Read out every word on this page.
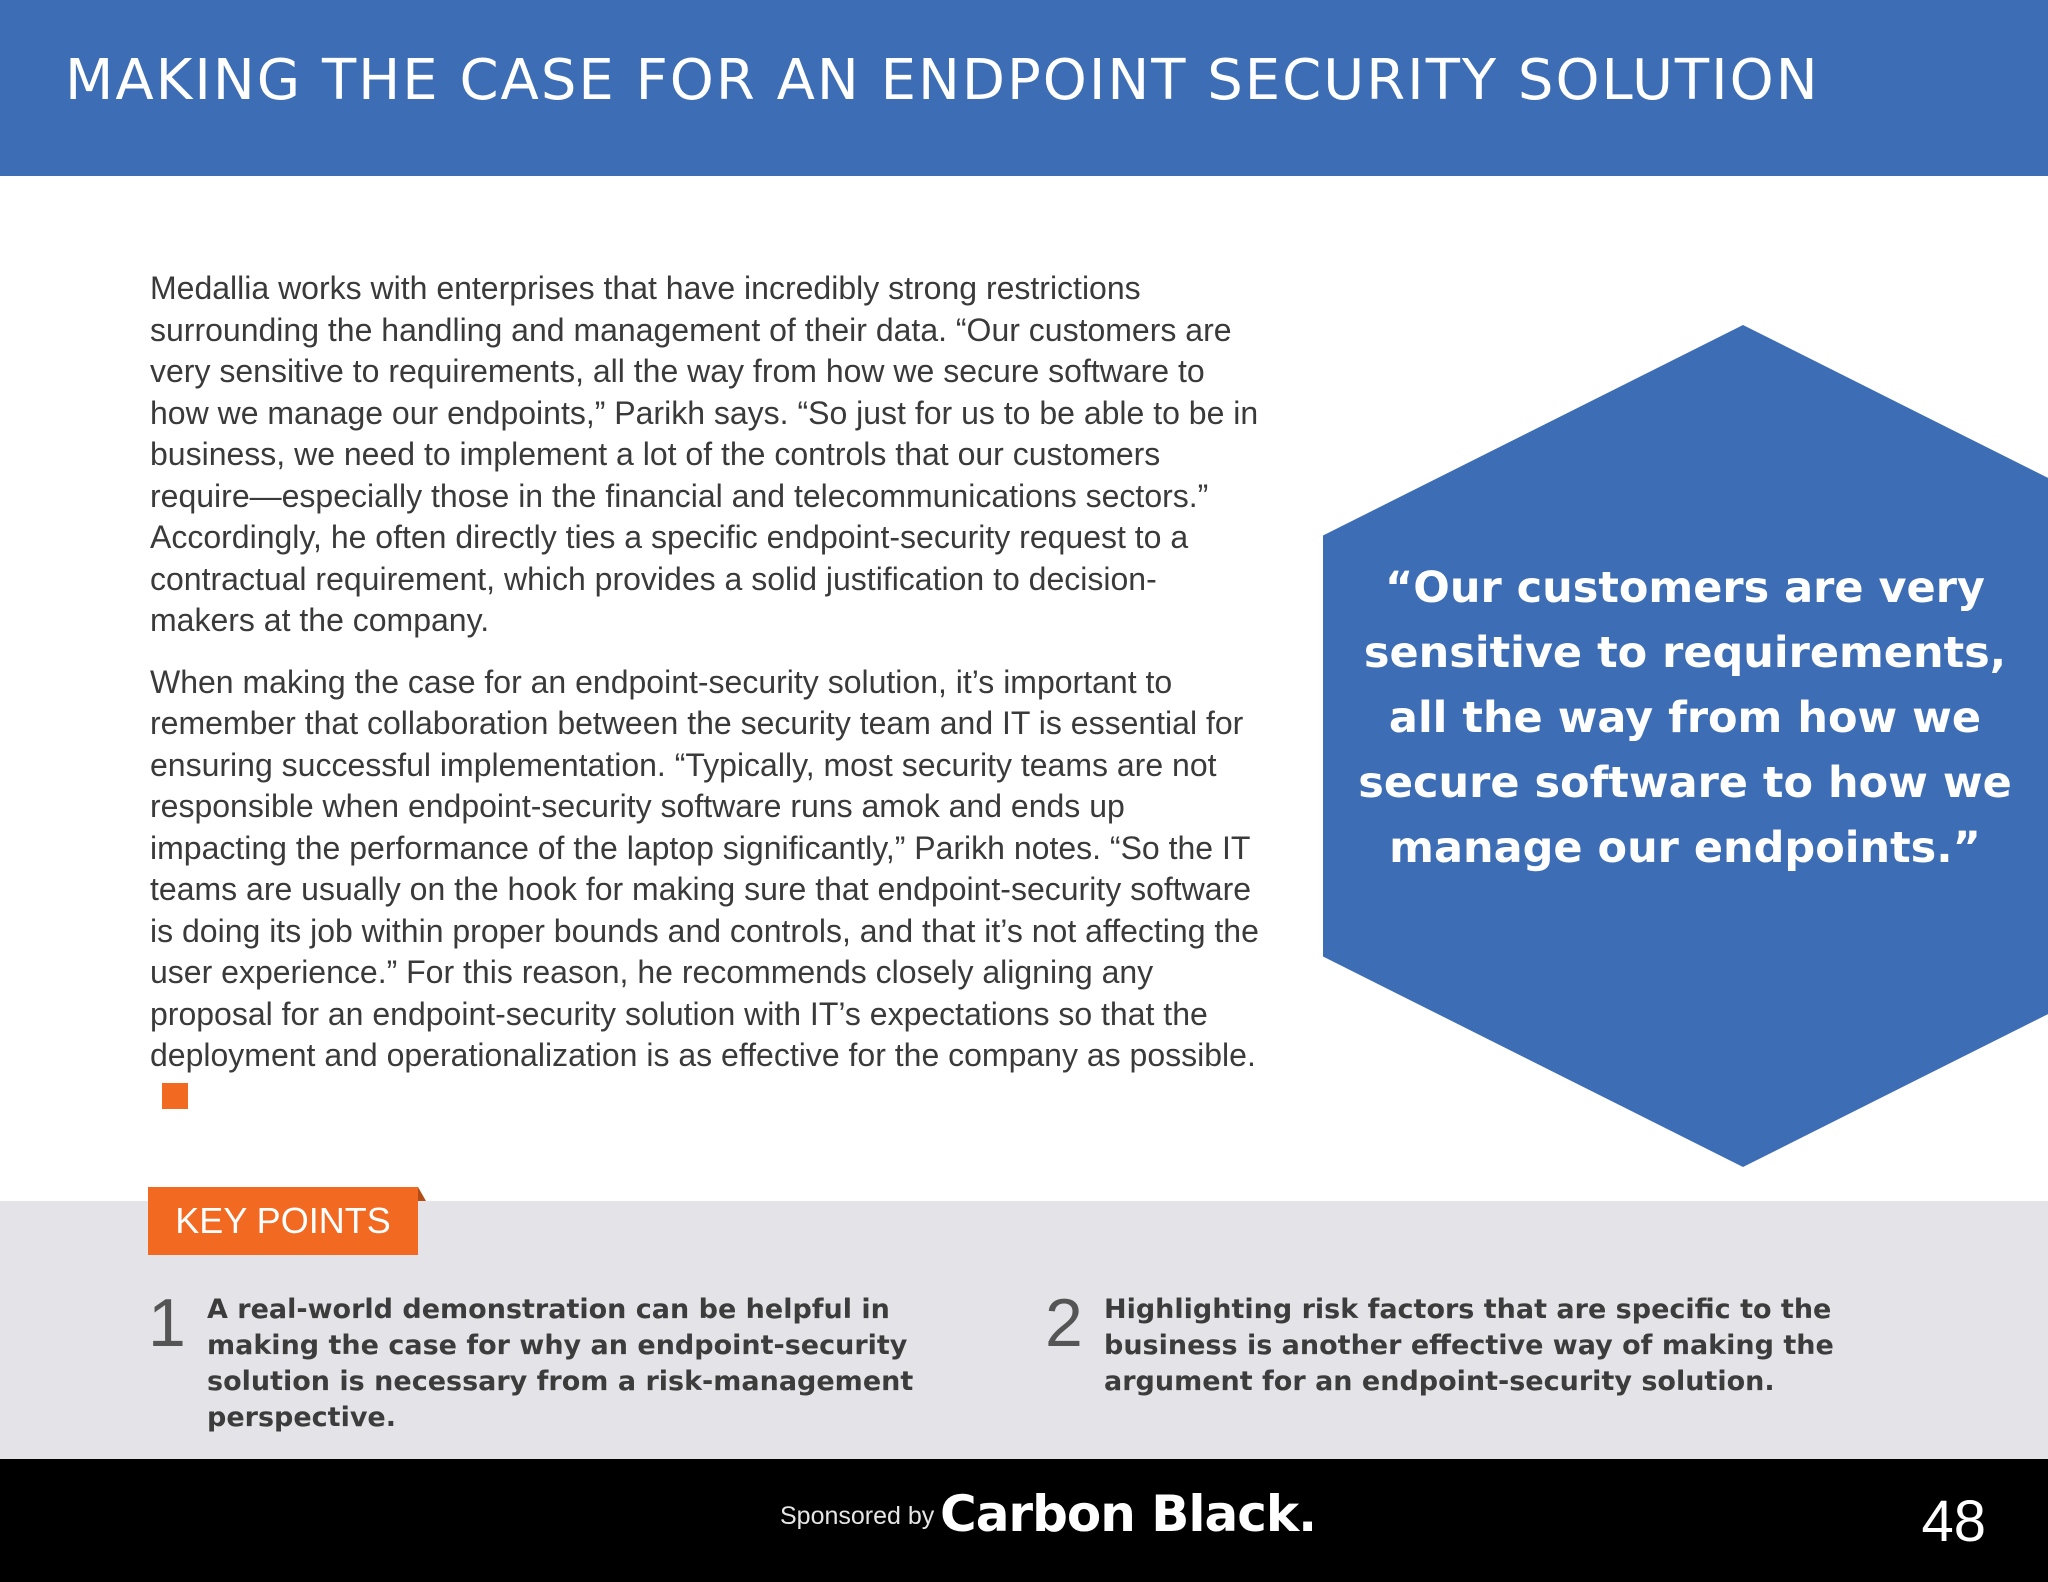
MAKING THE CASE FOR AN ENDPOINT SECURITY SOLUTION

Medallia works with enterprises that have incredibly strong restrictions surrounding the handling and management of their data. “Our customers are very sensitive to requirements, all the way from how we secure software to how we manage our endpoints,” Parikh says. “So just for us to be able to be in business, we need to implement a lot of the controls that our customers require—especially those in the financial and telecommunications sectors.” Accordingly, he often directly ties a specific endpoint-security request to a contractual requirement, which provides a solid justification to decision-makers at the company.

When making the case for an endpoint-security solution, it’s important to remember that collaboration between the security team and IT is essential for ensuring successful implementation. “Typically, most security teams are not responsible when endpoint-security software runs amok and ends up impacting the performance of the laptop significantly,” Parikh notes. “So the IT teams are usually on the hook for making sure that endpoint-security software is doing its job within proper bounds and controls, and that it’s not affecting the user experience.” For this reason, he recommends closely aligning any proposal for an endpoint-security solution with IT’s expectations so that the deployment and operationalization is as effective for the company as possible.

“Our customers are very sensitive to requirements, all the way from how we secure software to how we manage our endpoints.”

KEY POINTS
1 A real-world demonstration can be helpful in making the case for why an endpoint-security solution is necessary from a risk-management perspective.
2 Highlighting risk factors that are specific to the business is another effective way of making the argument for an endpoint-security solution.
Sponsored by Carbon Black.	48
